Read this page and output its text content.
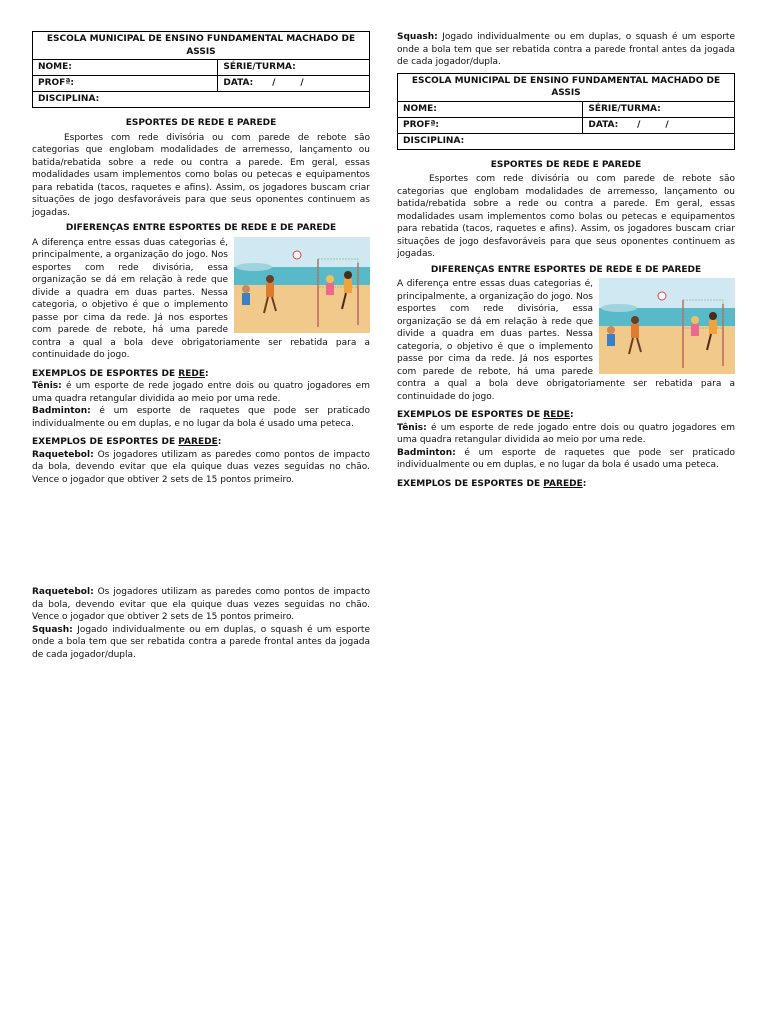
ESCOLA MUNICIPAL DE ENSINO FUNDAMENTAL MACHADO DE ASSIS	
NOME:	SÉRIE/TURMA:
PROFª:	DATA: /        /
DISCIPLINA:	
ESPORTES DE REDE E PAREDE

Esportes com rede divisória ou com parede de rebote são categorias que englobam modalidades de arremesso, lançamento ou batida/rebatida sobre a rede ou contra a parede. Em geral, essas modalidades usam implementos como bolas ou petecas e equipamentos para rebatida (tacos, raquetes e afins). Assim, os jogadores buscam criar situações de jogo desfavoráveis para que seus oponentes continuem as jogadas.

DIFERENÇAS ENTRE ESPORTES DE REDE E DE PAREDE

A diferença entre essas duas categorias é, principalmente, a organização do jogo. Nos esportes com rede divisória, essa organização se dá em relação à rede que divide a quadra em duas partes. Nessa categoria, o objetivo é que o implemento passe por cima da rede. Já nos esportes com parede de rebote, há uma parede contra a qual a bola deve obrigatoriamente ser rebatida para a continuidade do jogo.

EXEMPLOS DE ESPORTES DE REDE:

Tênis: é um esporte de rede jogado entre dois ou quatro jogadores em uma quadra retangular dividida ao meio por uma rede.

Badminton: é um esporte de raquetes que pode ser praticado individualmente ou em duplas, e no lugar da bola é usado uma peteca.

EXEMPLOS DE ESPORTES DE PAREDE:

Raquetebol: Os jogadores utilizam as paredes como pontos de impacto da bola, devendo evitar que ela quique duas vezes seguidas no chão. Vence o jogador que obtiver 2 sets de 15 pontos primeiro.

Raquetebol: Os jogadores utilizam as paredes como pontos de impacto da bola, devendo evitar que ela quique duas vezes seguidas no chão. Vence o jogador que obtiver 2 sets de 15 pontos primeiro.

Squash: Jogado individualmente ou em duplas, o squash é um esporte onde a bola tem que ser rebatida contra a parede frontal antes da jogada de cada jogador/dupla.

Squash: Jogado individualmente ou em duplas, o squash é um esporte onde a bola tem que ser rebatida contra a parede frontal antes da jogada de cada jogador/dupla.

ESCOLA MUNICIPAL DE ENSINO FUNDAMENTAL MACHADO DE ASSIS	
NOME:	SÉRIE/TURMA:
PROFª:	DATA: /        /
DISCIPLINA:	
ESPORTES DE REDE E PAREDE

Esportes com rede divisória ou com parede de rebote são categorias que englobam modalidades de arremesso, lançamento ou batida/rebatida sobre a rede ou contra a parede. Em geral, essas modalidades usam implementos como bolas ou petecas e equipamentos para rebatida (tacos, raquetes e afins). Assim, os jogadores buscam criar situações de jogo desfavoráveis para que seus oponentes continuem as jogadas.

DIFERENÇAS ENTRE ESPORTES DE REDE E DE PAREDE

A diferença entre essas duas categorias é, principalmente, a organização do jogo. Nos esportes com rede divisória, essa organização se dá em relação à rede que divide a quadra em duas partes. Nessa categoria, o objetivo é que o implemento passe por cima da rede. Já nos esportes com parede de rebote, há uma parede contra a qual a bola deve obrigatoriamente ser rebatida para a continuidade do jogo.

EXEMPLOS DE ESPORTES DE REDE:

Tênis: é um esporte de rede jogado entre dois ou quatro jogadores em uma quadra retangular dividida ao meio por uma rede.

Badminton: é um esporte de raquetes que pode ser praticado individualmente ou em duplas, e no lugar da bola é usado uma peteca.

EXEMPLOS DE ESPORTES DE PAREDE:
